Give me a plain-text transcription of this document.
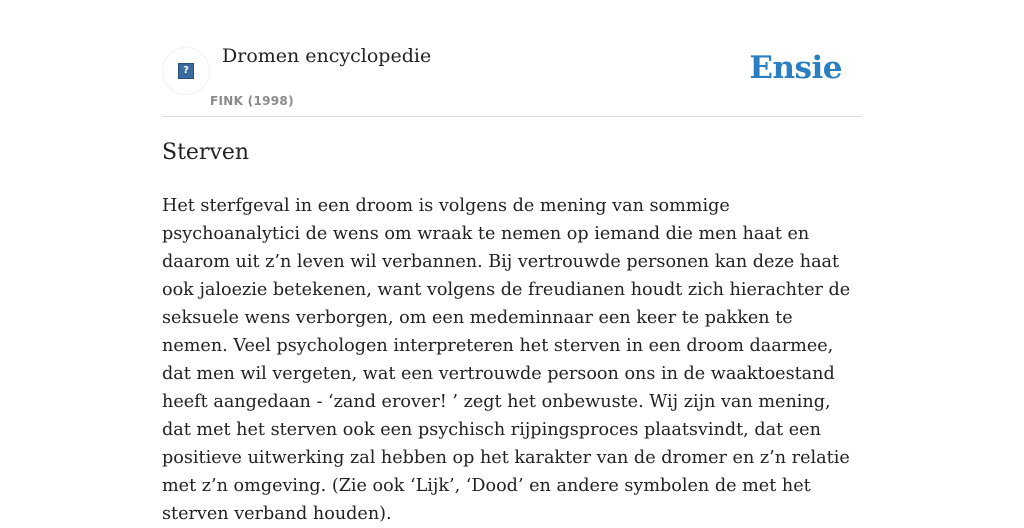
?
Dromen encyclopedie
FINK (1998)
Ensie
Sterven

Het sterfgeval in een droom is volgens de mening van sommige psychoanalytici de wens om wraak te nemen op iemand die men haat en daarom uit z’n leven wil verbannen. Bij vertrouwde personen kan deze haat ook jaloezie betekenen, want volgens de freudianen houdt zich hierachter de seksuele wens verborgen, om een medeminnaar een keer te pakken te nemen. Veel psychologen interpreteren het sterven in een droom daarmee, dat men wil vergeten, wat een vertrouwde persoon ons in de waaktoestand heeft aangedaan - ‘zand erover! ’ zegt het onbewuste. Wij zijn van mening, dat met het sterven ook een psychisch rijpingsproces plaatsvindt, dat een positieve uitwerking zal hebben op het karakter van de dromer en z’n relatie met z’n omgeving. (Zie ook ‘Lijk’, ‘Dood’ en andere symbolen de met het sterven verband houden).
